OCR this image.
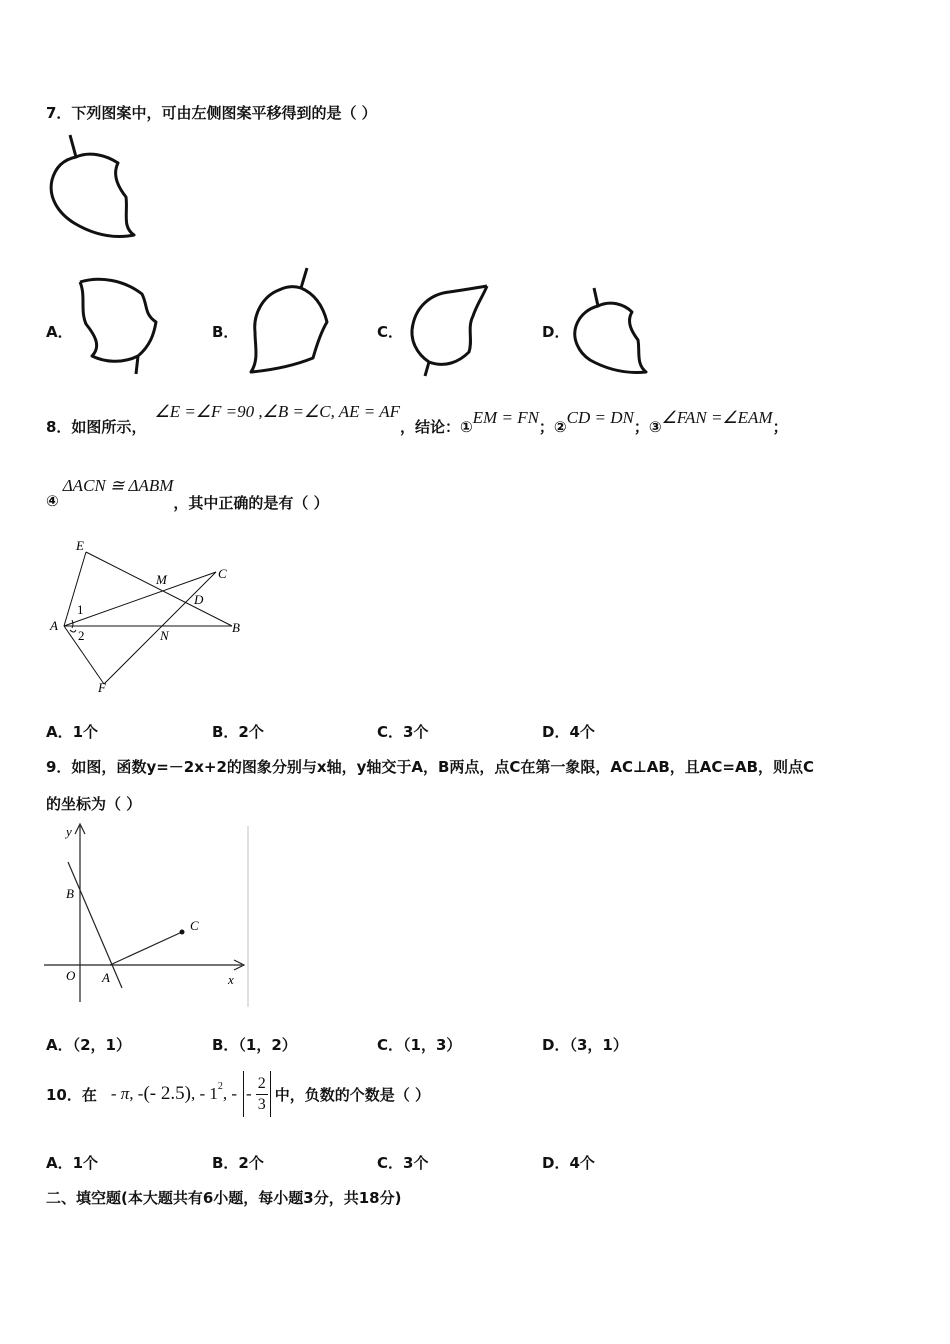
7．下列图案中，可由左侧图案平移得到的是（ ）
A．	B．	C．	D．
8．如图所示，
∠E =∠F =90 ,∠B =∠C, AE = AF
，结论：① EM = FN ；② CD = DN ；③ ∠FAN =∠EAM ；
④
ΔACN ≅ ΔABM
，其中正确的是有（ ）
E
M	C
D
1
A
2	N
B
F
A．1个	B．2个	C．3个	D．4个
9．如图，函数y=－2x+2的图象分别与x轴，y轴交于A，B两点，点C在第一象限，AC⊥AB，且AC=AB，则点C
的坐标为（ ）
y
B
C
O A	x
A．（2，1）	B．（1，2）	C．（1，3）	D．（3，1）
10．在 - π, - (- 2.5) , - 1 2 , - -
2
3
中，负数的个数是（ ）
A．1个	B．2个	C．3个	D．4个
二、填空题(本大题共有6小题，每小题3分，共18分)
